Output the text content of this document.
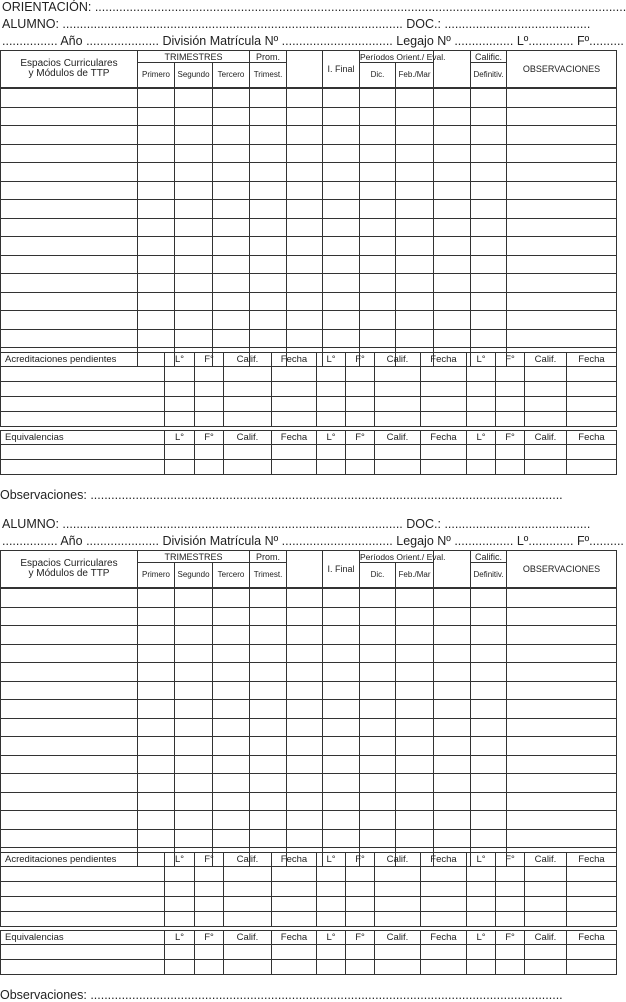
ORIENTACIÓN: .........................................................................................................................................................
ALUMNO: .................................................................................................. DOC.: ..........................................
................ Año ..................... División Matrícula Nº ................................ Legajo Nº ................. Lº............. Fº..........
Espacios Curriculares
y Módulos de TTP	TRIMESTRES			Prom.		I. Final	Períodos Orient./ Eval.			Calific.	OBSERVACIONES
	Primero	Segundo	Tercero	Trimest.			Dic.	Feb./Mar		Definitiv.	

Acreditaciones pendientes	L°	F°	Calif.	Fecha	L°	F°	Calif.	Fecha	L°	F°	Calif.	Fecha

Equivalencias	L°	F°	Calif.	Fecha	L°	F°	Calif.	Fecha	L°	F°	Calif.	Fecha

Observaciones: ........................................................................................................................................
ALUMNO: .................................................................................................. DOC.: ..........................................
................ Año ..................... División Matrícula Nº ................................ Legajo Nº ................. Lº............. Fº..........
Espacios Curriculares
y Módulos de TTP	TRIMESTRES			Prom.		I. Final	Períodos Orient./ Eval.			Calific.	OBSERVACIONES
	Primero	Segundo	Tercero	Trimest.			Dic.	Feb./Mar		Definitiv.	

Acreditaciones pendientes	L°	F°	Calif.	Fecha	L°	F°	Calif.	Fecha	L°	F°	Calif.	Fecha

Equivalencias	L°	F°	Calif.	Fecha	L°	F°	Calif.	Fecha	L°	F°	Calif.	Fecha

Observaciones: ........................................................................................................................................
